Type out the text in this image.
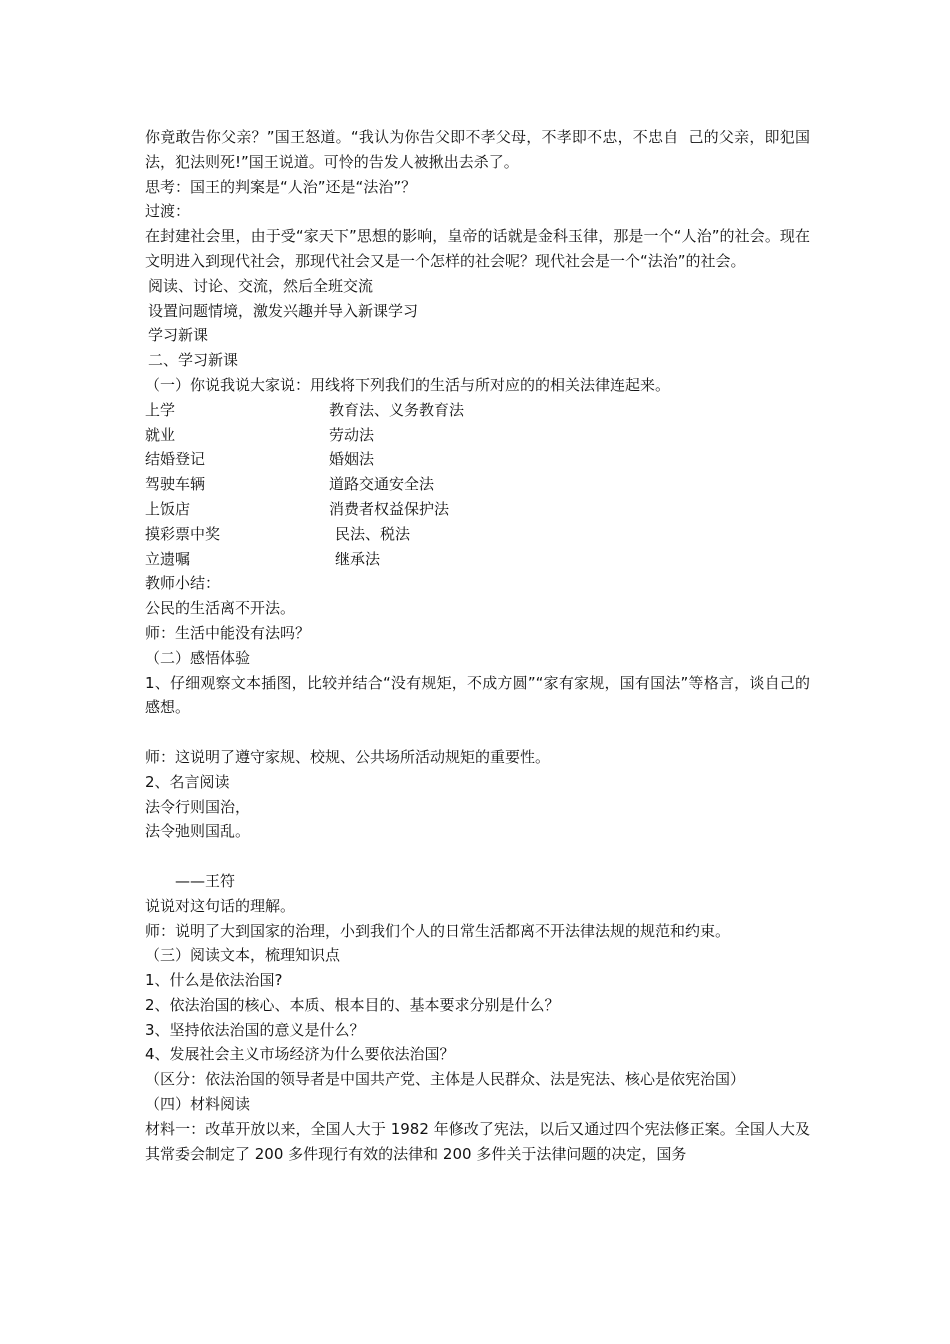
你竟敢告你父亲？”国王怒道。“我认为你告父即不孝父母，不孝即不忠，不忠自  己的父亲，即犯国法，犯法则死!”国王说道。可怜的告发人被揪出去杀了。

思考：国王的判案是“人治”还是“法治”？

过渡：

在封建社会里，由于受“家天下”思想的影响，皇帝的话就是金科玉律，那是一个“人治”的社会。现在文明进入到现代社会，那现代社会又是一个怎样的社会呢？现代社会是一个“法治”的社会。

阅读、讨论、交流，然后全班交流

设置问题情境，激发兴趣并导入新课学习

学习新课

二、学习新课

（一）你说我说大家说：用线将下列我们的生活与所对应的的相关法律连起来。

上学	教育法、义务教育法
就业	劳动法
结婚登记	婚姻法
驾驶车辆	道路交通安全法
上饭店	消费者权益保护法
摸彩票中奖	民法、税法
立遗嘱	继承法

教师小结：

公民的生活离不开法。

师：生活中能没有法吗？

（二）感悟体验

1、仔细观察文本插图，比较并结合“没有规矩，不成方圆”“家有家规，国有国法”等格言，谈自己的感想。

师：这说明了遵守家规、校规、公共场所活动规矩的重要性。

2、名言阅读

法令行则国治，

法令弛则国乱。

——王符

说说对这句话的理解。

师：说明了大到国家的治理，小到我们个人的日常生活都离不开法律法规的规范和约束。

（三）阅读文本，梳理知识点

1、什么是依法治国?

2、依法治国的核心、本质、根本目的、基本要求分别是什么？

3、坚持依法治国的意义是什么？

4、发展社会主义市场经济为什么要依法治国？

（区分：依法治国的领导者是中国共产党、主体是人民群众、法是宪法、核心是依宪治国）

（四）材料阅读

材料一：改革开放以来，全国人大于 1982 年修改了宪法，以后又通过四个宪法修正案。全国人大及其常委会制定了 200 多件现行有效的法律和 200 多件关于法律问题的决定，国务
